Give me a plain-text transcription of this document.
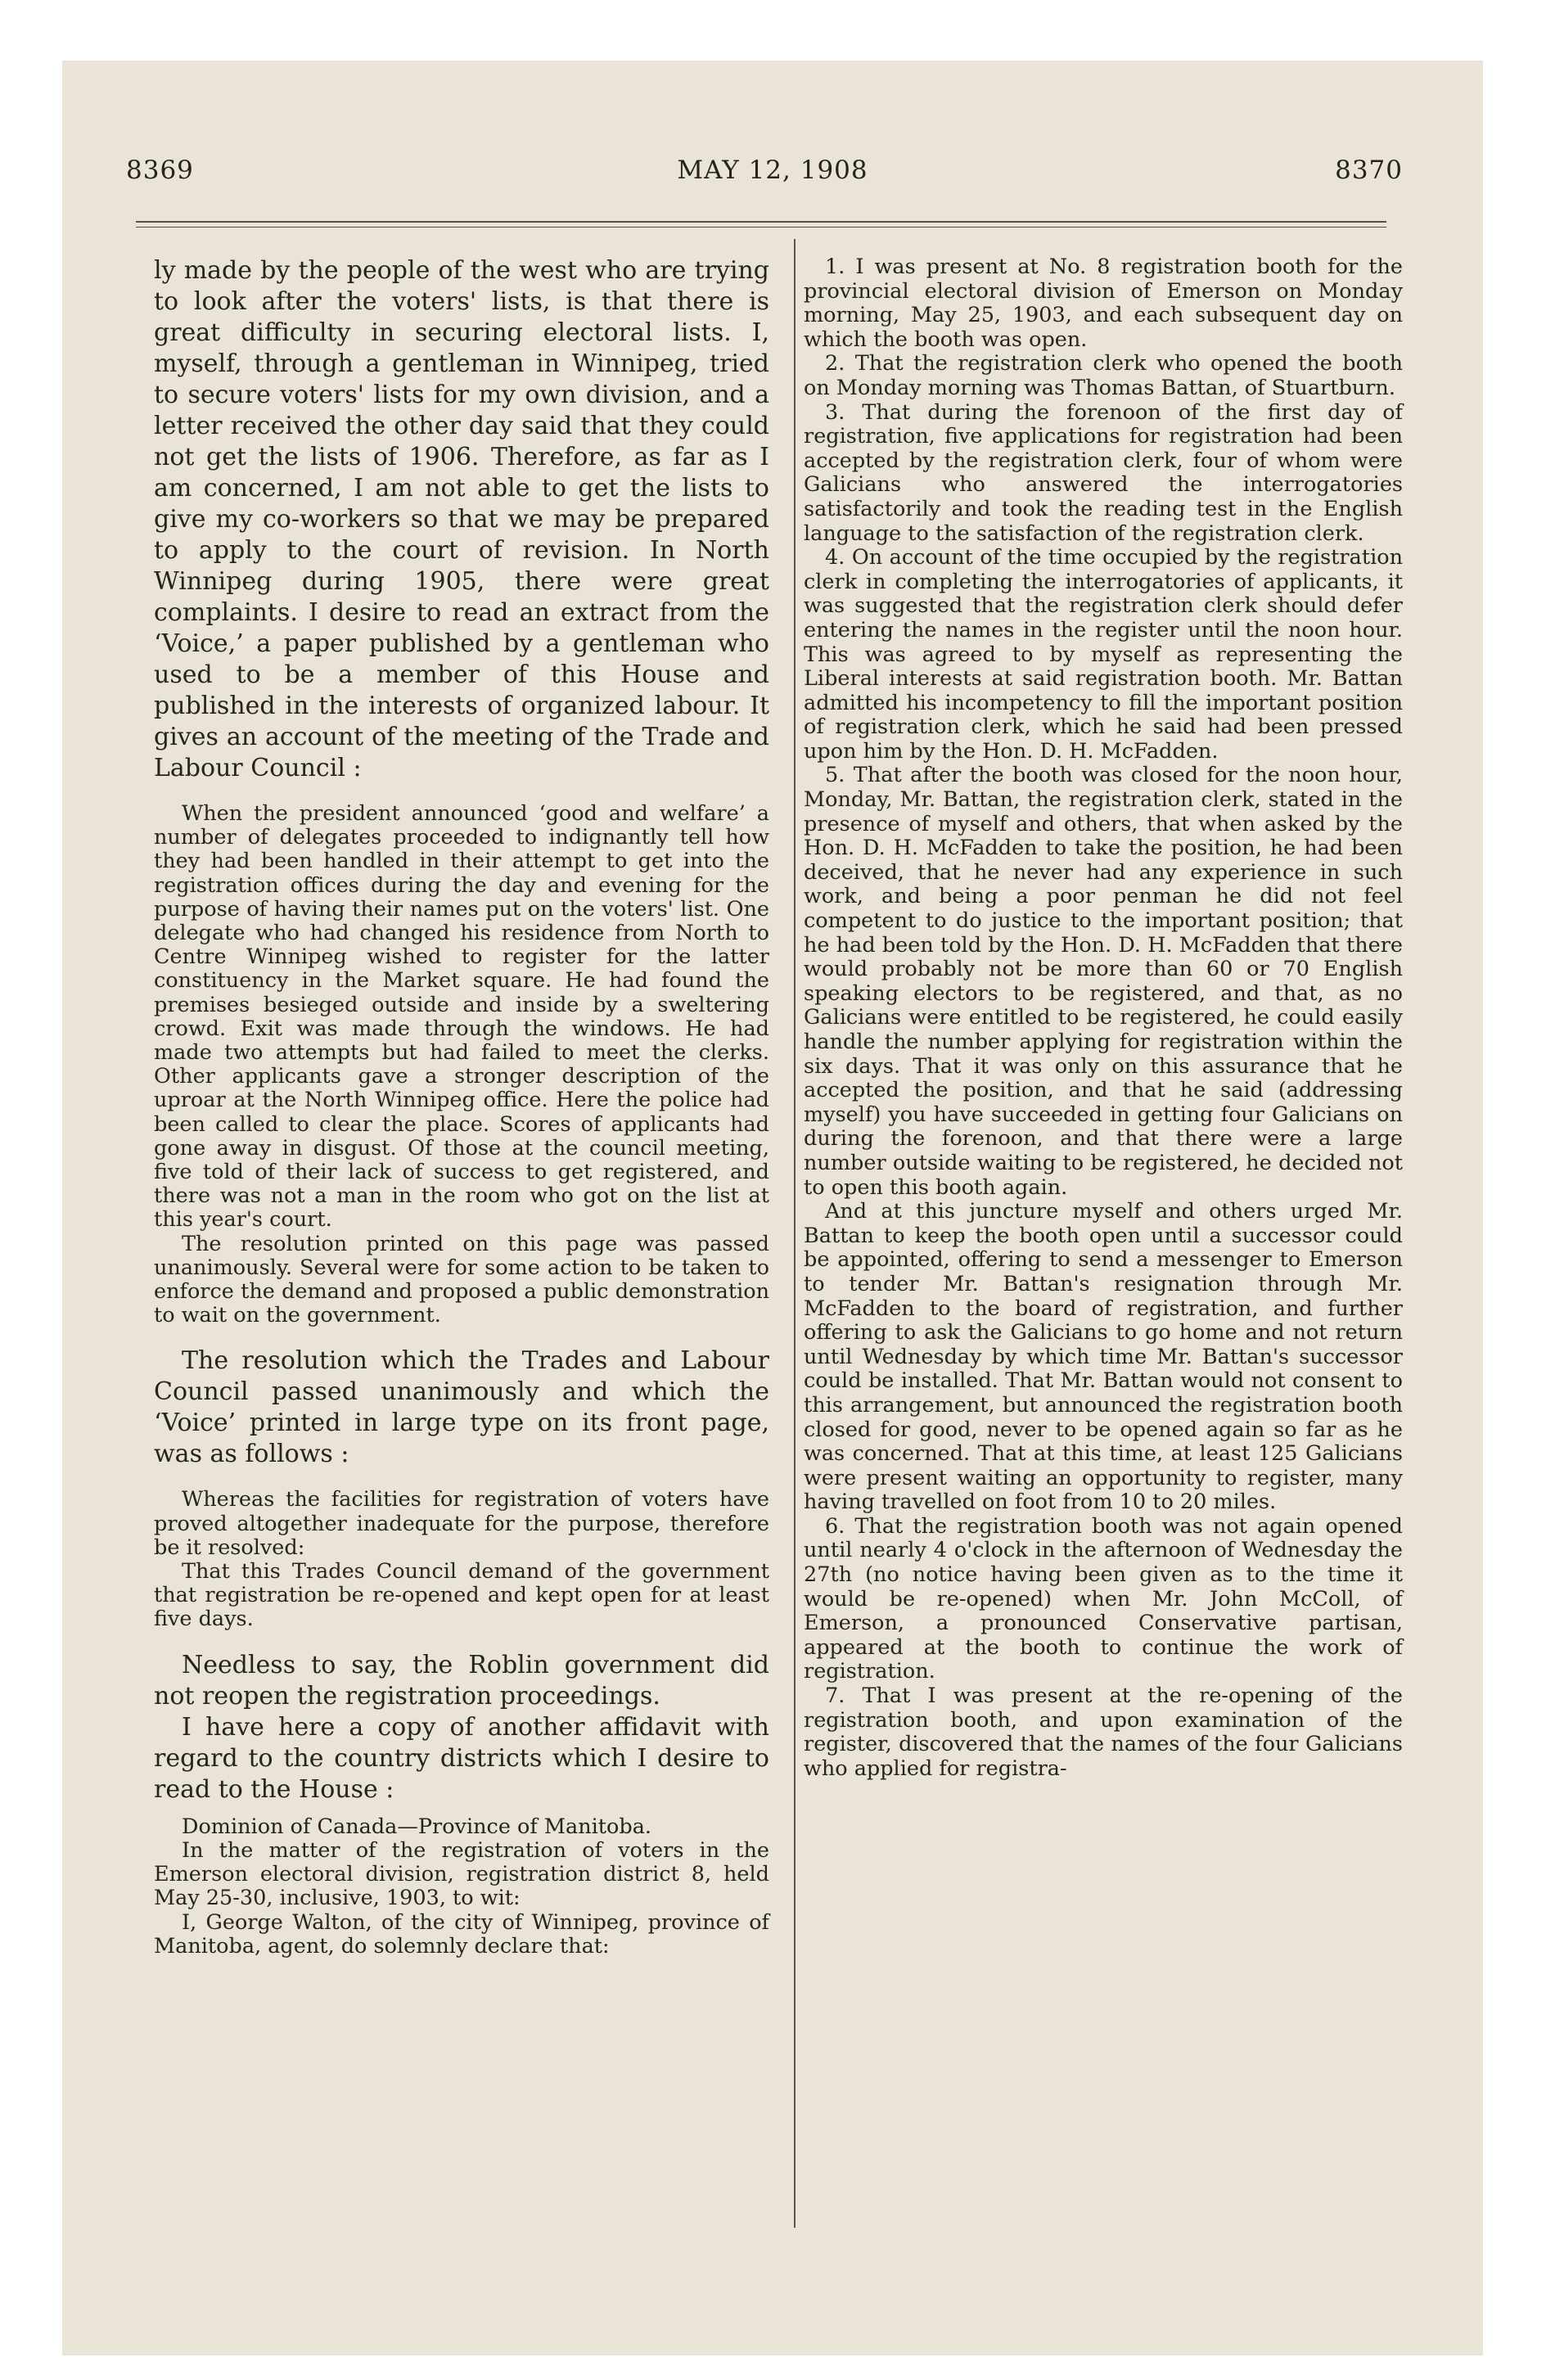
8369	MAY 12, 1908	8370

ly made by the people of the west who are trying to look after the voters' lists, is that there is great difficulty in securing electoral lists. I, myself, through a gentleman in Winnipeg, tried to secure voters' lists for my own division, and a letter received the other day said that they could not get the lists of 1906. Therefore, as far as I am concerned, I am not able to get the lists to give my co-workers so that we may be prepared to apply to the court of revision. In North Winnipeg during 1905, there were great complaints. I desire to read an extract from the ‘Voice,’ a paper published by a gentleman who used to be a member of this House and published in the interests of organized labour. It gives an account of the meeting of the Trade and Labour Council :

When the president announced ‘good and welfare’ a number of delegates proceeded to indignantly tell how they had been handled in their attempt to get into the registration offices during the day and evening for the purpose of having their names put on the voters' list. One delegate who had changed his residence from North to Centre Winnipeg wished to register for the latter constituency in the Market square. He had found the premises besieged outside and inside by a sweltering crowd. Exit was made through the windows. He had made two attempts but had failed to meet the clerks. Other applicants gave a stronger description of the uproar at the North Winnipeg office. Here the police had been called to clear the place. Scores of applicants had gone away in disgust. Of those at the council meeting, five told of their lack of success to get registered, and there was not a man in the room who got on the list at this year's court.

The resolution printed on this page was passed unanimously. Several were for some action to be taken to enforce the demand and proposed a public demonstration to wait on the government.

The resolution which the Trades and Labour Council passed unanimously and which the ‘Voice’ printed in large type on its front page, was as follows :

Whereas the facilities for registration of voters have proved altogether inadequate for the purpose, therefore be it resolved:

That this Trades Council demand of the government that registration be re-opened and kept open for at least five days.

Needless to say, the Roblin government did not reopen the registration proceedings.

I have here a copy of another affidavit with regard to the country districts which I desire to read to the House :

Dominion of Canada—Province of Manitoba.

In the matter of the registration of voters in the Emerson electoral division, registration district 8, held May 25-30, inclusive, 1903, to wit:

I, George Walton, of the city of Winnipeg, province of Manitoba, agent, do solemnly declare that:

1. I was present at No. 8 registration booth for the provincial electoral division of Emerson on Monday morning, May 25, 1903, and each subsequent day on which the booth was open.

2. That the registration clerk who opened the booth on Monday morning was Thomas Battan, of Stuartburn.

3. That during the forenoon of the first day of registration, five applications for registration had been accepted by the registration clerk, four of whom were Galicians who answered the interrogatories satisfactorily and took the reading test in the English language to the satisfaction of the registration clerk.

4. On account of the time occupied by the registration clerk in completing the interrogatories of applicants, it was suggested that the registration clerk should defer entering the names in the register until the noon hour. This was agreed to by myself as representing the Liberal interests at said registration booth. Mr. Battan admitted his incompetency to fill the important position of registration clerk, which he said had been pressed upon him by the Hon. D. H. McFadden.

5. That after the booth was closed for the noon hour, Monday, Mr. Battan, the registration clerk, stated in the presence of myself and others, that when asked by the Hon. D. H. McFadden to take the position, he had been deceived, that he never had any experience in such work, and being a poor penman he did not feel competent to do justice to the important position; that he had been told by the Hon. D. H. McFadden that there would probably not be more than 60 or 70 English speaking electors to be registered, and that, as no Galicians were entitled to be registered, he could easily handle the number applying for registration within the six days. That it was only on this assurance that he accepted the position, and that he said (addressing myself) you have succeeded in getting four Galicians on during the forenoon, and that there were a large number outside waiting to be registered, he decided not to open this booth again.

And at this juncture myself and others urged Mr. Battan to keep the booth open until a successor could be appointed, offering to send a messenger to Emerson to tender Mr. Battan's resignation through Mr. McFadden to the board of registration, and further offering to ask the Galicians to go home and not return until Wednesday by which time Mr. Battan's successor could be installed. That Mr. Battan would not consent to this arrangement, but announced the registration booth closed for good, never to be opened again so far as he was concerned. That at this time, at least 125 Galicians were present waiting an opportunity to register, many having travelled on foot from 10 to 20 miles.

6. That the registration booth was not again opened until nearly 4 o'clock in the afternoon of Wednesday the 27th (no notice having been given as to the time it would be re-opened) when Mr. John McColl, of Emerson, a pronounced Conservative partisan, appeared at the booth to continue the work of registration.

7. That I was present at the re-opening of the registration booth, and upon examination of the register, discovered that the names of the four Galicians who applied for registra-
